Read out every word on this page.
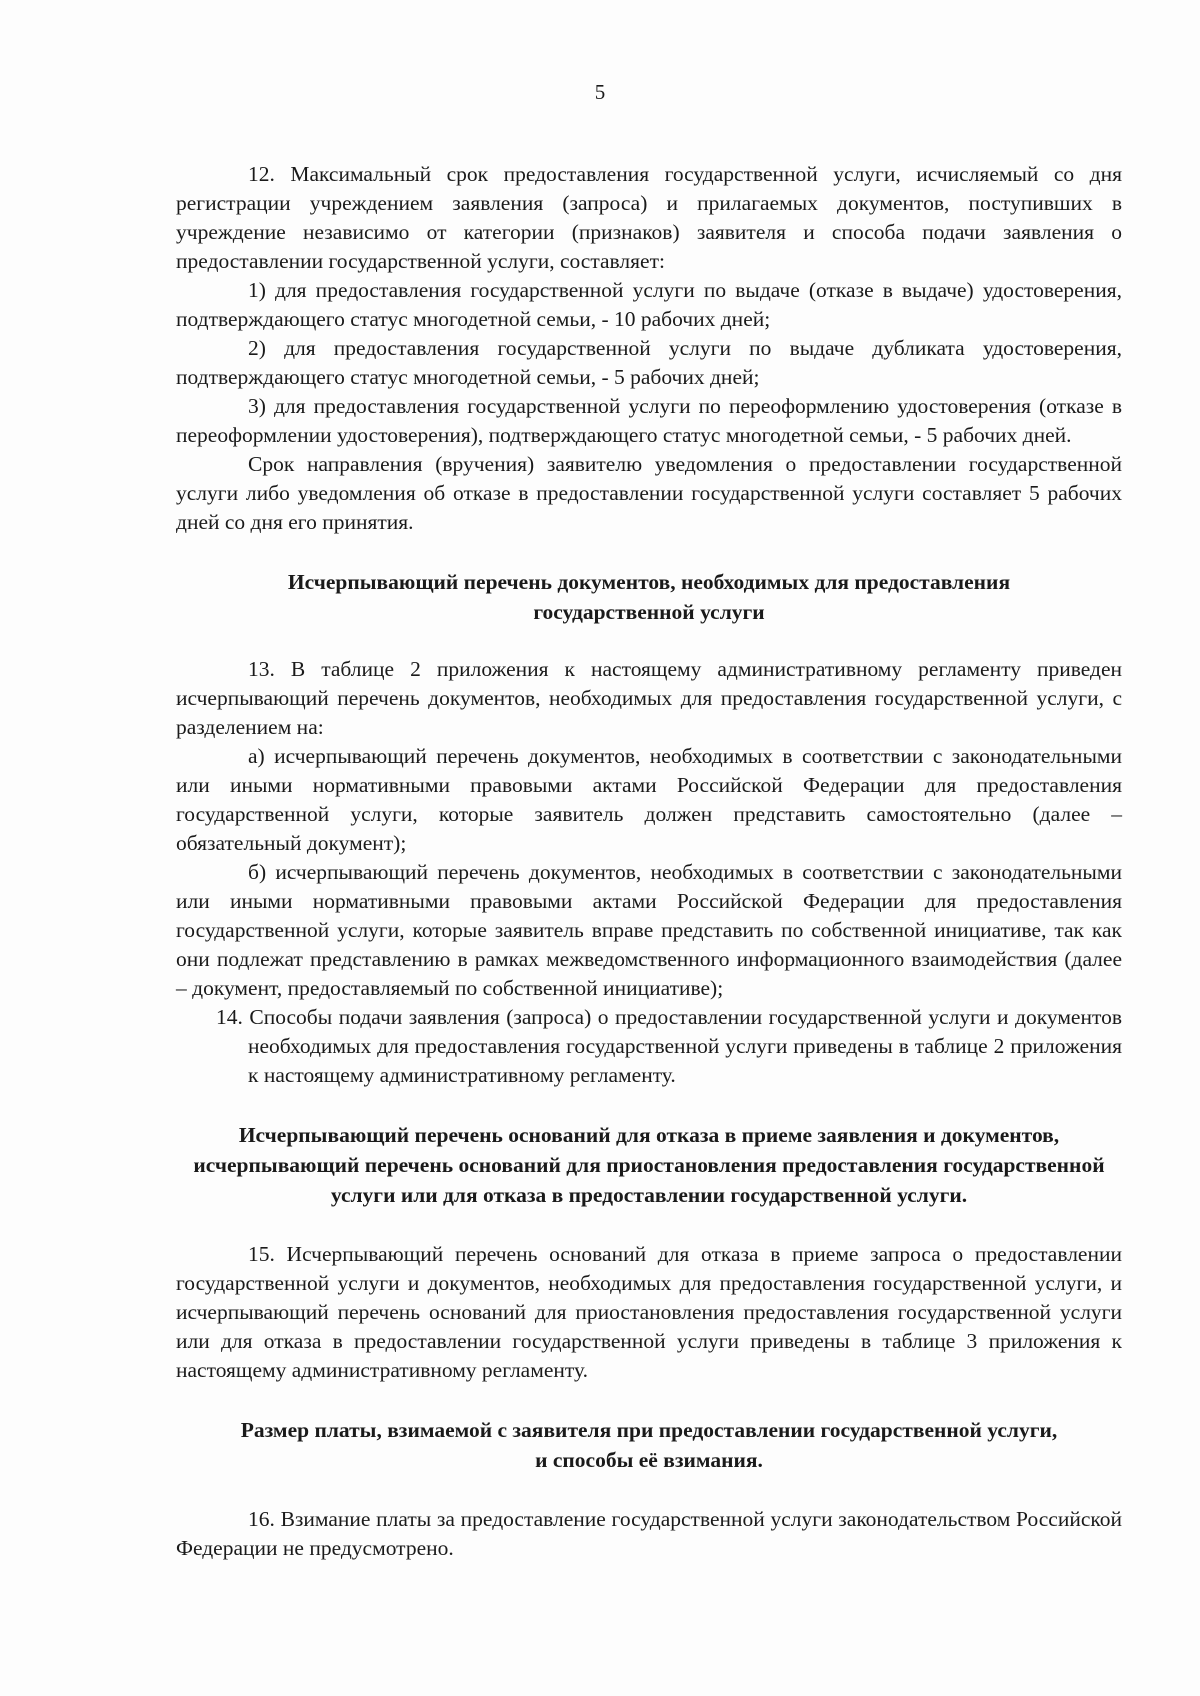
5

12. Максимальный срок предоставления государственной услуги, исчисляемый со дня регистрации учреждением заявления (запроса) и прилагаемых документов, поступивших в учреждение независимо от категории (признаков) заявителя и способа подачи заявления о предоставлении государственной услуги, составляет:

1) для предоставления государственной услуги по выдаче (отказе в выдаче) удостоверения, подтверждающего статус многодетной семьи, - 10 рабочих дней;

2) для предоставления государственной услуги по выдаче дубликата удостоверения, подтверждающего статус многодетной семьи, - 5 рабочих дней;

3) для предоставления государственной услуги по переоформлению удостоверения (отказе в переоформлении удостоверения), подтверждающего статус многодетной семьи, - 5 рабочих дней.

Срок направления (вручения) заявителю уведомления о предоставлении государственной услуги либо уведомления об отказе в предоставлении государственной услуги составляет 5 рабочих дней со дня его принятия.

Исчерпывающий перечень документов, необходимых для предоставления государственной услуги

13. В таблице 2 приложения к настоящему административному регламенту приведен исчерпывающий перечень документов, необходимых для предоставления государственной услуги, с разделением на:

а) исчерпывающий перечень документов, необходимых в соответствии с законодательными или иными нормативными правовыми актами Российской Федерации для предоставления государственной услуги, которые заявитель должен представить самостоятельно (далее – обязательный документ);

б) исчерпывающий перечень документов, необходимых в соответствии с законодательными или иными нормативными правовыми актами Российской Федерации для предоставления государственной услуги, которые заявитель вправе представить по собственной инициативе, так как они подлежат представлению в рамках межведомственного информационного взаимодействия (далее – документ, предоставляемый по собственной инициативе);

14. Способы подачи заявления (запроса) о предоставлении государственной услуги и документов необходимых для предоставления государственной услуги приведены в таблице 2 приложения к настоящему административному регламенту.

Исчерпывающий перечень оснований для отказа в приеме заявления и документов, исчерпывающий перечень оснований для приостановления предоставления государственной услуги или для отказа в предоставлении государственной услуги.

15. Исчерпывающий перечень оснований для отказа в приеме запроса о предоставлении государственной услуги и документов, необходимых для предоставления государственной услуги, и исчерпывающий перечень оснований для приостановления предоставления государственной услуги или для отказа в предоставлении государственной услуги приведены в таблице 3 приложения к настоящему административному регламенту.

Размер платы, взимаемой с заявителя при предоставлении государственной услуги, и способы её взимания.

16. Взимание платы за предоставление государственной услуги законодательством Российской Федерации не предусмотрено.
